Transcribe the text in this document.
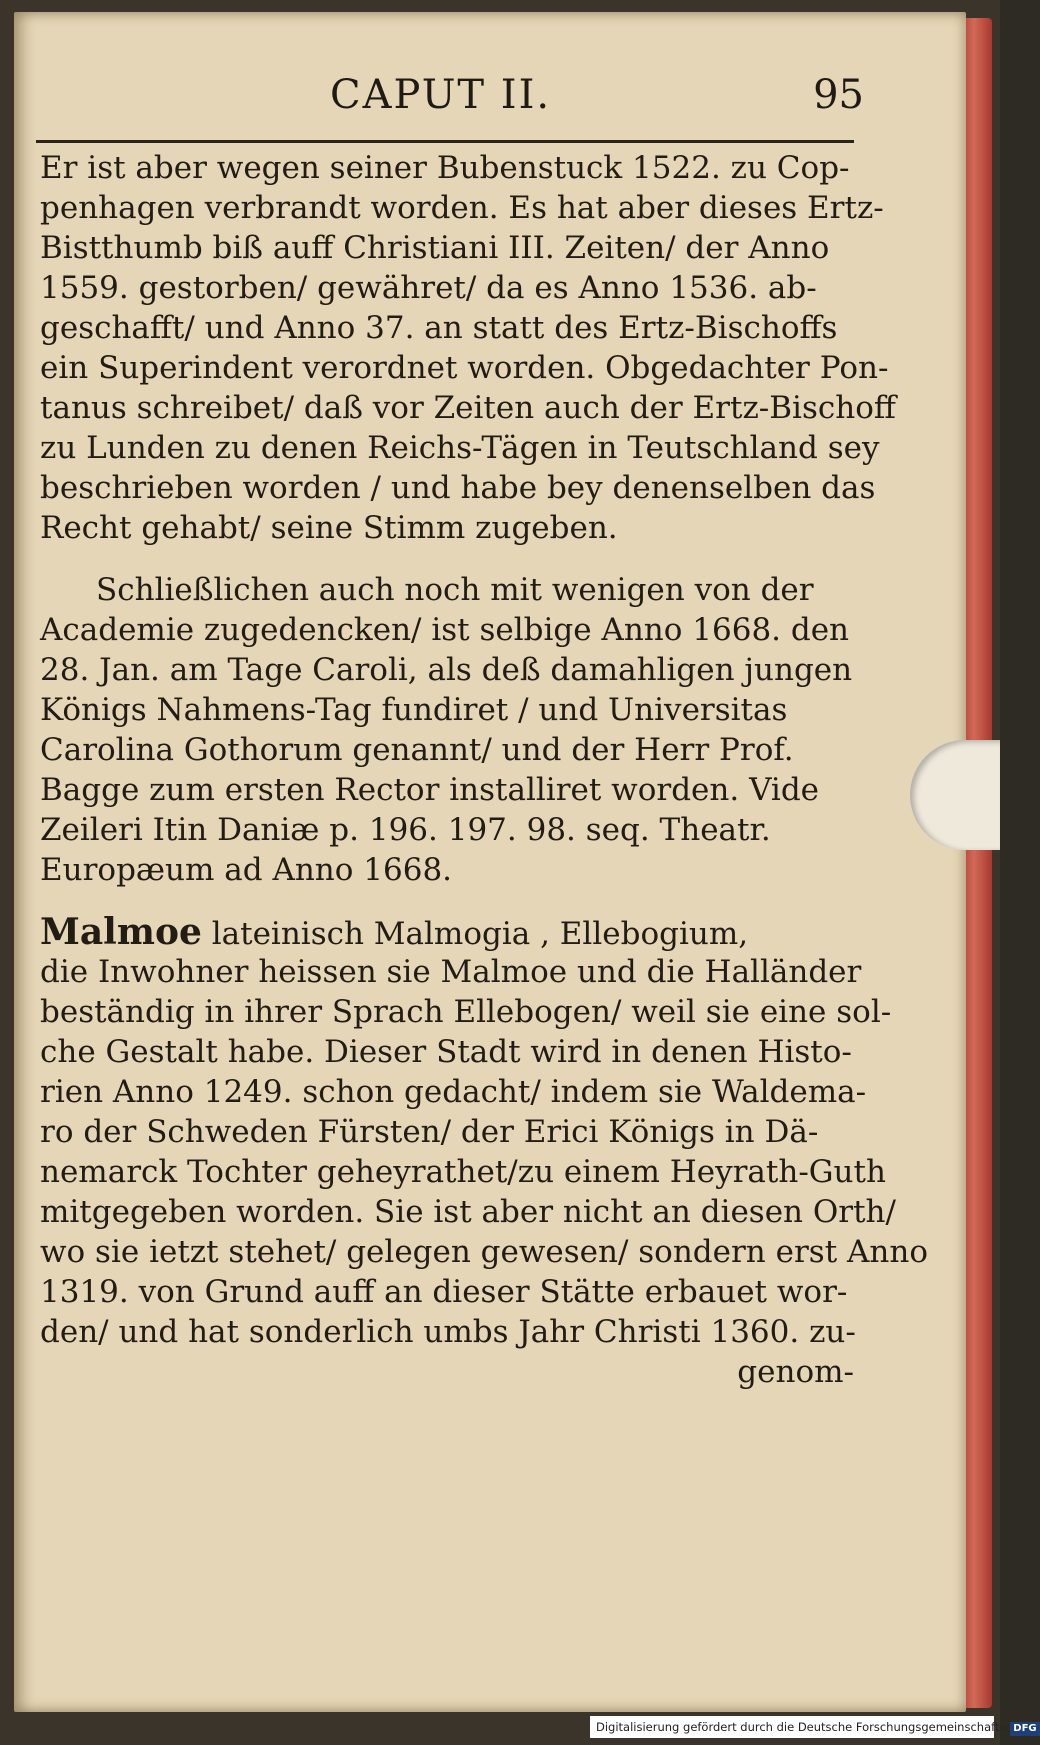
CAPUT II.	95
Er ist aber wegen seiner Bubenstuck 1522. zu Cop-
penhagen verbrandt worden. Es hat aber dieses Ertz-
Bistthumb biß auff Christiani III. Zeiten/ der Anno
1559. gestorben/ gewähret/ da es Anno 1536. ab-
geschafft/ und Anno 37. an statt des Ertz-Bischoffs
ein Superindent verordnet worden. Obgedachter Pon-
tanus schreibet/ daß vor Zeiten auch der Ertz-Bischoff
zu Lunden zu denen Reichs-Tägen in Teutschland sey
beschrieben worden / und habe bey denenselben das
Recht gehabt/ seine Stimm zugeben.
Schließlichen auch noch mit wenigen von der
Academie zugedencken/ ist selbige Anno 1668. den
28. Jan. am Tage Caroli, als deß damahligen jungen
Königs Nahmens-Tag fundiret / und Universitas
Carolina Gothorum genannt/ und der Herr Prof.
Bagge zum ersten Rector installiret worden. Vide
Zeileri Itin Daniæ p. 196. 197. 98. seq. Theatr.
Europæum ad Anno 1668.
Malmoe lateinisch Malmogia , Ellebogium,
die Inwohner heissen sie Malmoe und die Halländer
beständig in ihrer Sprach Ellebogen/ weil sie eine sol-
che Gestalt habe. Dieser Stadt wird in denen Histo-
rien Anno 1249. schon gedacht/ indem sie Waldema-
ro der Schweden Fürsten/ der Erici Königs in Dä-
nemarck Tochter geheyrathet/zu einem Heyrath-Guth
mitgegeben worden. Sie ist aber nicht an diesen Orth/
wo sie ietzt stehet/ gelegen gewesen/ sondern erst Anno
1319. von Grund auff an dieser Stätte erbauet wor-
den/ und hat sonderlich umbs Jahr Christi 1360. zu-
genom-
Digitalisierung gefördert durch die Deutsche Forschungsgemeinschaft - DFG
